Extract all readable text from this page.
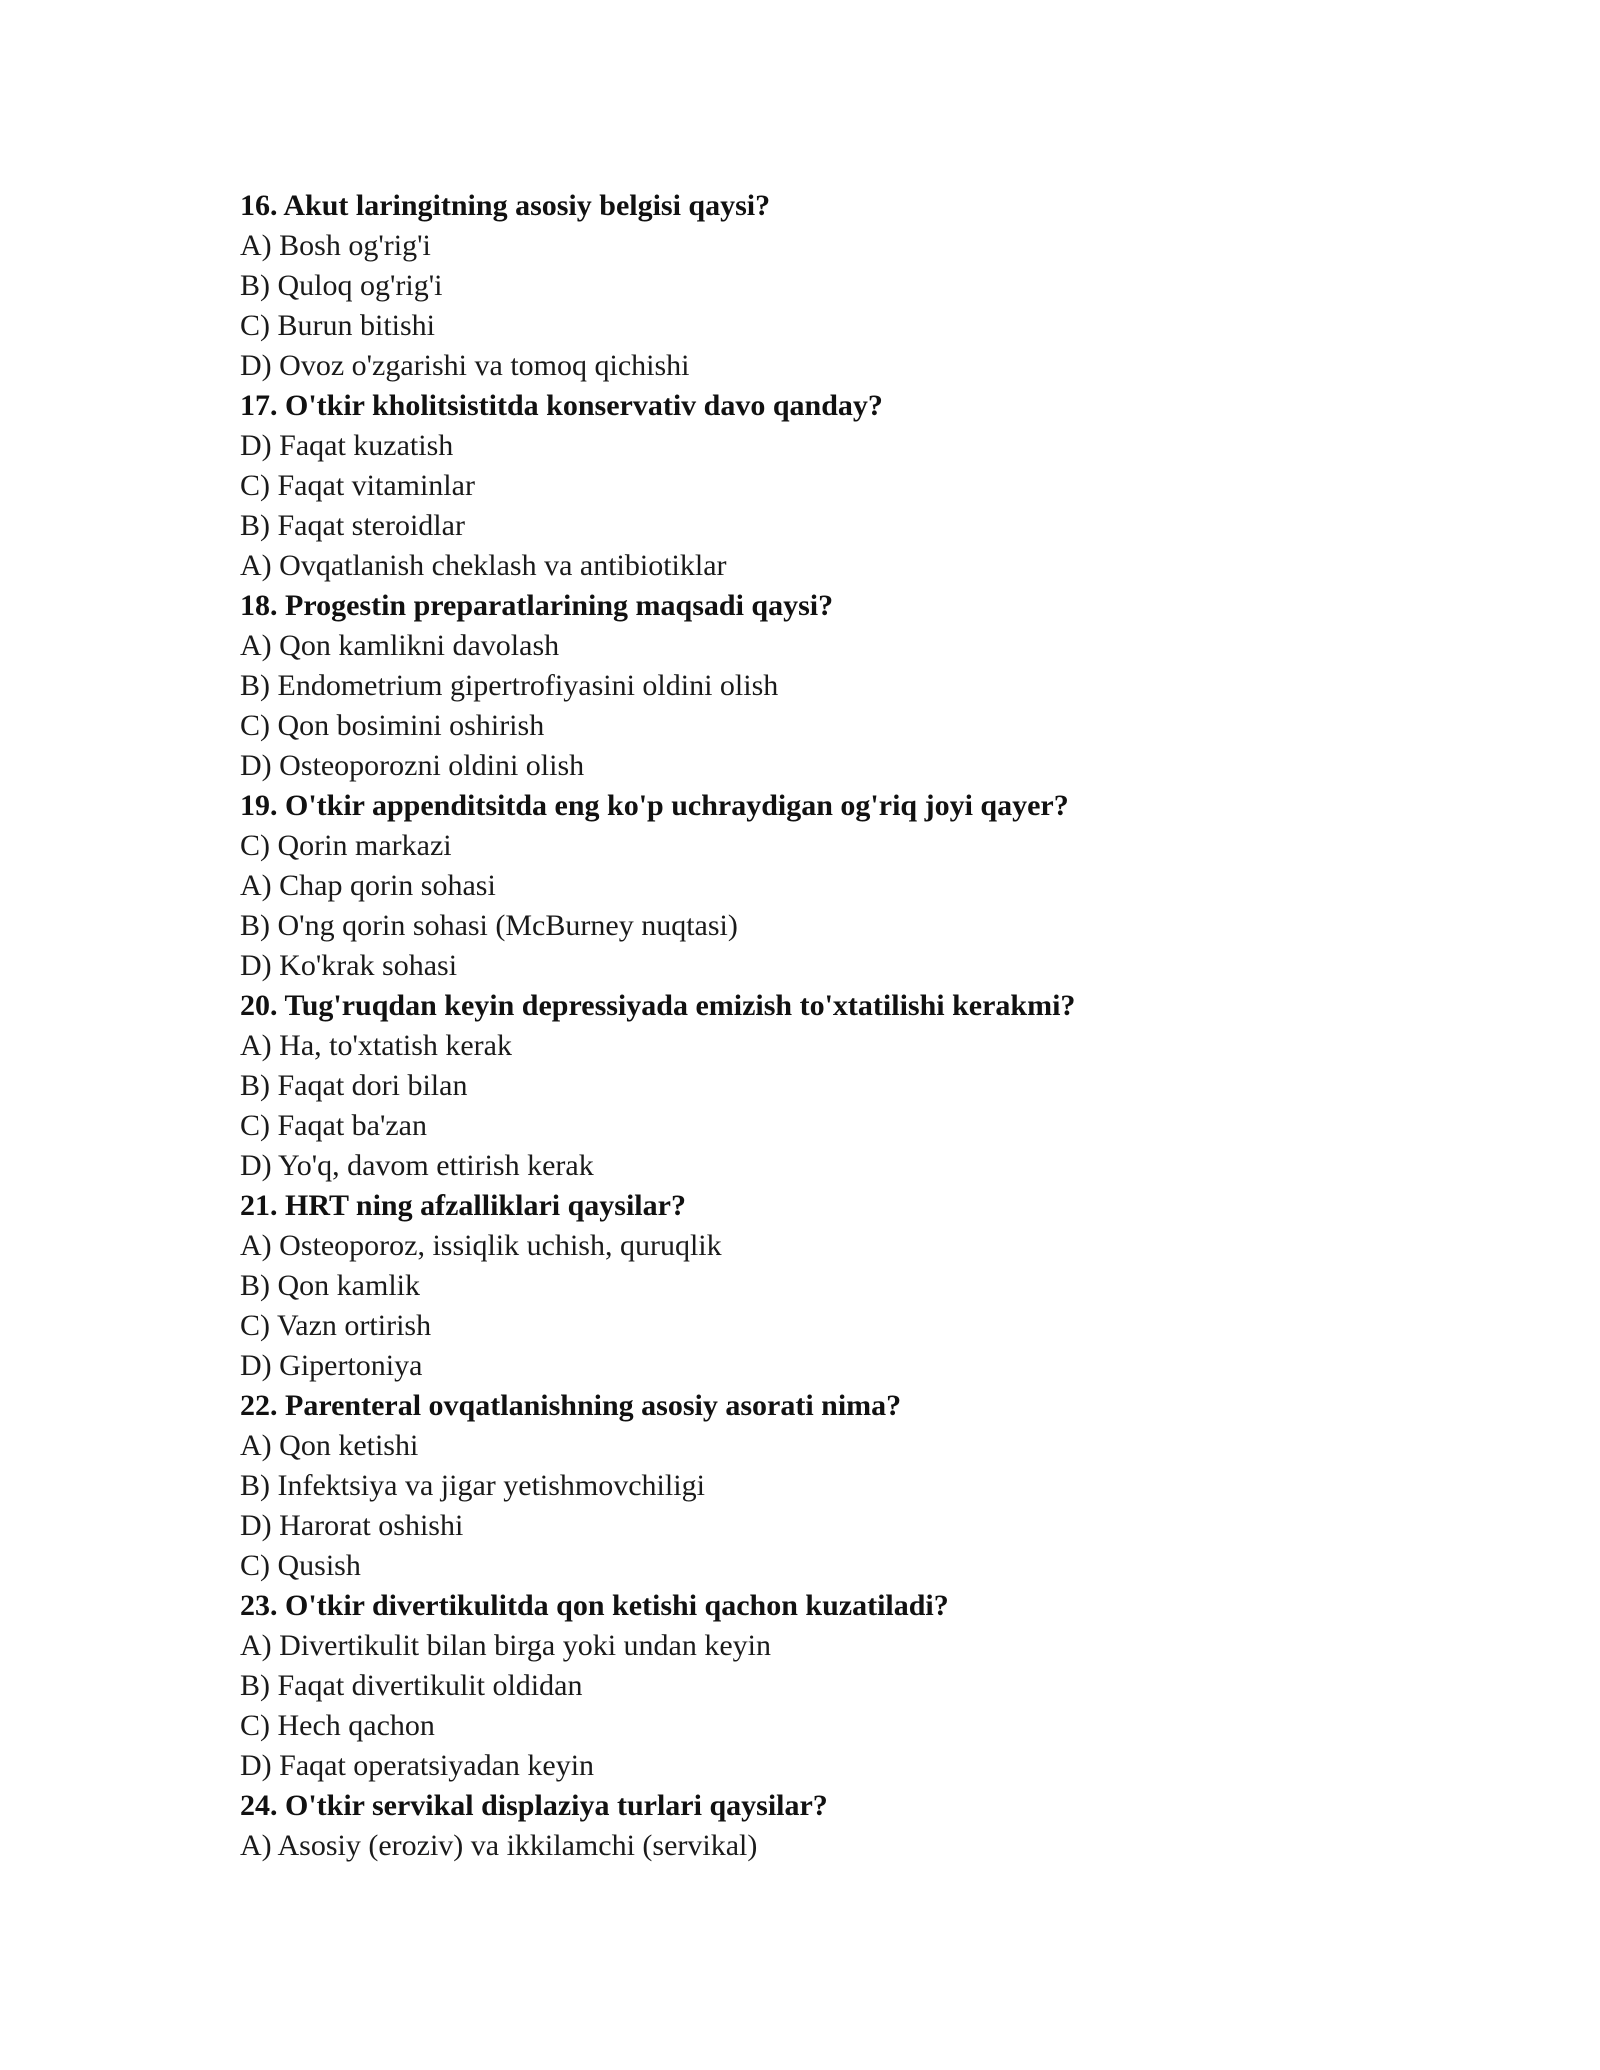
16. Akut laringitning asosiy belgisi qaysi?
A) Bosh og'rig'i
B) Quloq og'rig'i
C) Burun bitishi
D) Ovoz o'zgarishi va tomoq qichishi
17. O'tkir kholitsistitda konservativ davo qanday?
D) Faqat kuzatish
C) Faqat vitaminlar
B) Faqat steroidlar
A) Ovqatlanish cheklash va antibiotiklar
18. Progestin preparatlarining maqsadi qaysi?
A) Qon kamlikni davolash
B) Endometrium gipertrofiyasini oldini olish
C) Qon bosimini oshirish
D) Osteoporozni oldini olish
19. O'tkir appenditsitda eng ko'p uchraydigan og'riq joyi qayer?
C) Qorin markazi
A) Chap qorin sohasi
B) O'ng qorin sohasi (McBurney nuqtasi)
D) Ko'krak sohasi
20. Tug'ruqdan keyin depressiyada emizish to'xtatilishi kerakmi?
A) Ha, to'xtatish kerak
B) Faqat dori bilan
C) Faqat ba'zan
D) Yo'q, davom ettirish kerak
21. HRT ning afzalliklari qaysilar?
A) Osteoporoz, issiqlik uchish, quruqlik
B) Qon kamlik
C) Vazn ortirish
D) Gipertoniya
22. Parenteral ovqatlanishning asosiy asorati nima?
A) Qon ketishi
B) Infektsiya va jigar yetishmovchiligi
D) Harorat oshishi
C) Qusish
23. O'tkir divertikulitda qon ketishi qachon kuzatiladi?
A) Divertikulit bilan birga yoki undan keyin
B) Faqat divertikulit oldidan
C) Hech qachon
D) Faqat operatsiyadan keyin
24. O'tkir servikal displaziya turlari qaysilar?
A) Asosiy (eroziv) va ikkilamchi (servikal)
